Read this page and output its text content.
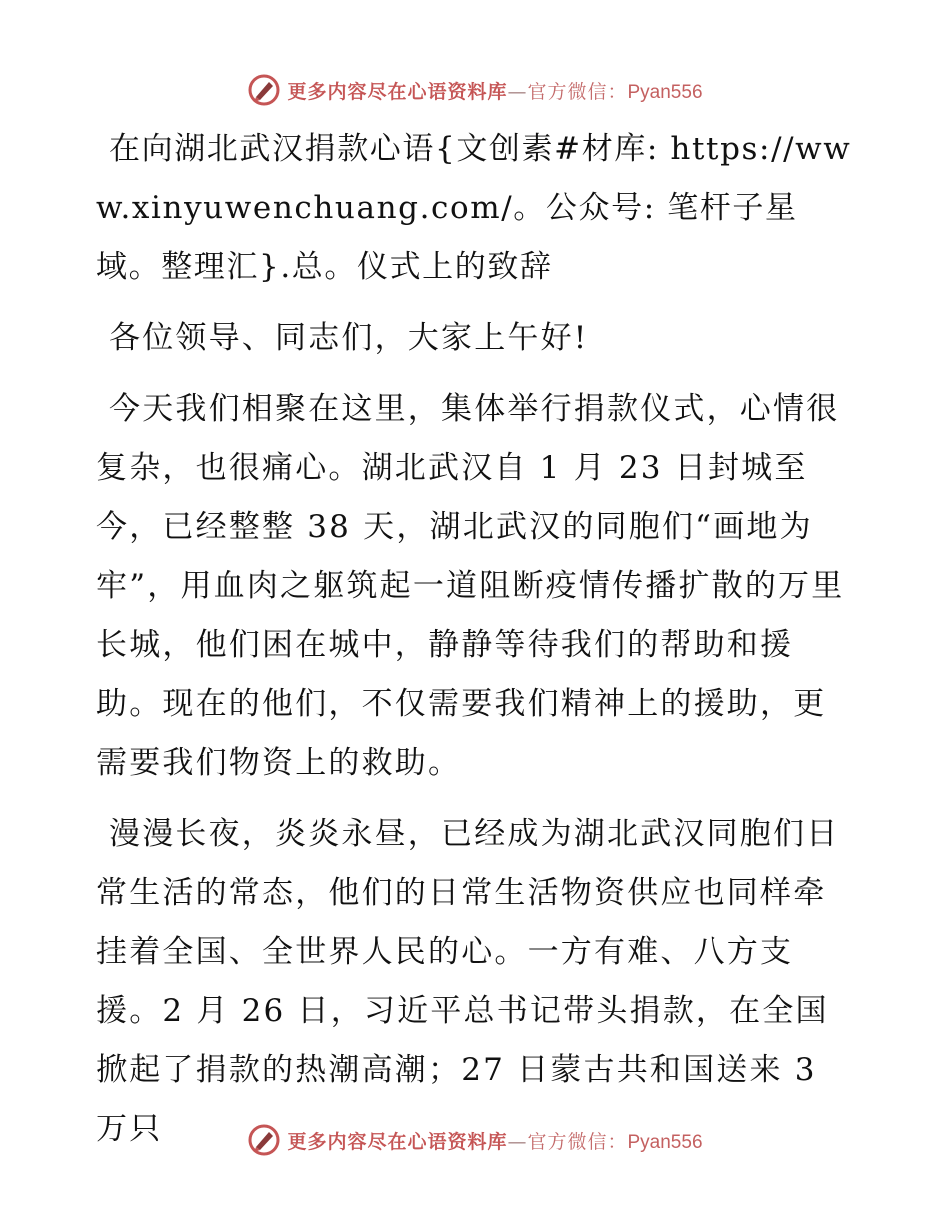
更多内容尽在心语资料库—官方微信：Pyan556

在向湖北武汉捐款心语{文创素#材库: https://www.xinyuwenchuang.com/。公众号: 笔杆子星域。整理汇}.总。仪式上的致辞

各位领导、同志们，大家上午好!

今天我们相聚在这里，集体举行捐款仪式，心情很复杂，也很痛心。湖北武汉自 1 月 23 日封城至今，已经整整 38 天，湖北武汉的同胞们“画地为牢”，用血肉之躯筑起一道阻断疫情传播扩散的万里长城，他们困在城中，静静等待我们的帮助和援助。现在的他们，不仅需要我们精神上的援助，更需要我们物资上的救助。

漫漫长夜，炎炎永昼，已经成为湖北武汉同胞们日常生活的常态，他们的日常生活物资供应也同样牵挂着全国、全世界人民的心。一方有难、八方支援。2 月 26 日，习近平总书记带头捐款，在全国掀起了捐款的热潮高潮；27 日蒙古共和国送来 3 万只	更多内容尽在心语资料库—官方微信：Pyan556
